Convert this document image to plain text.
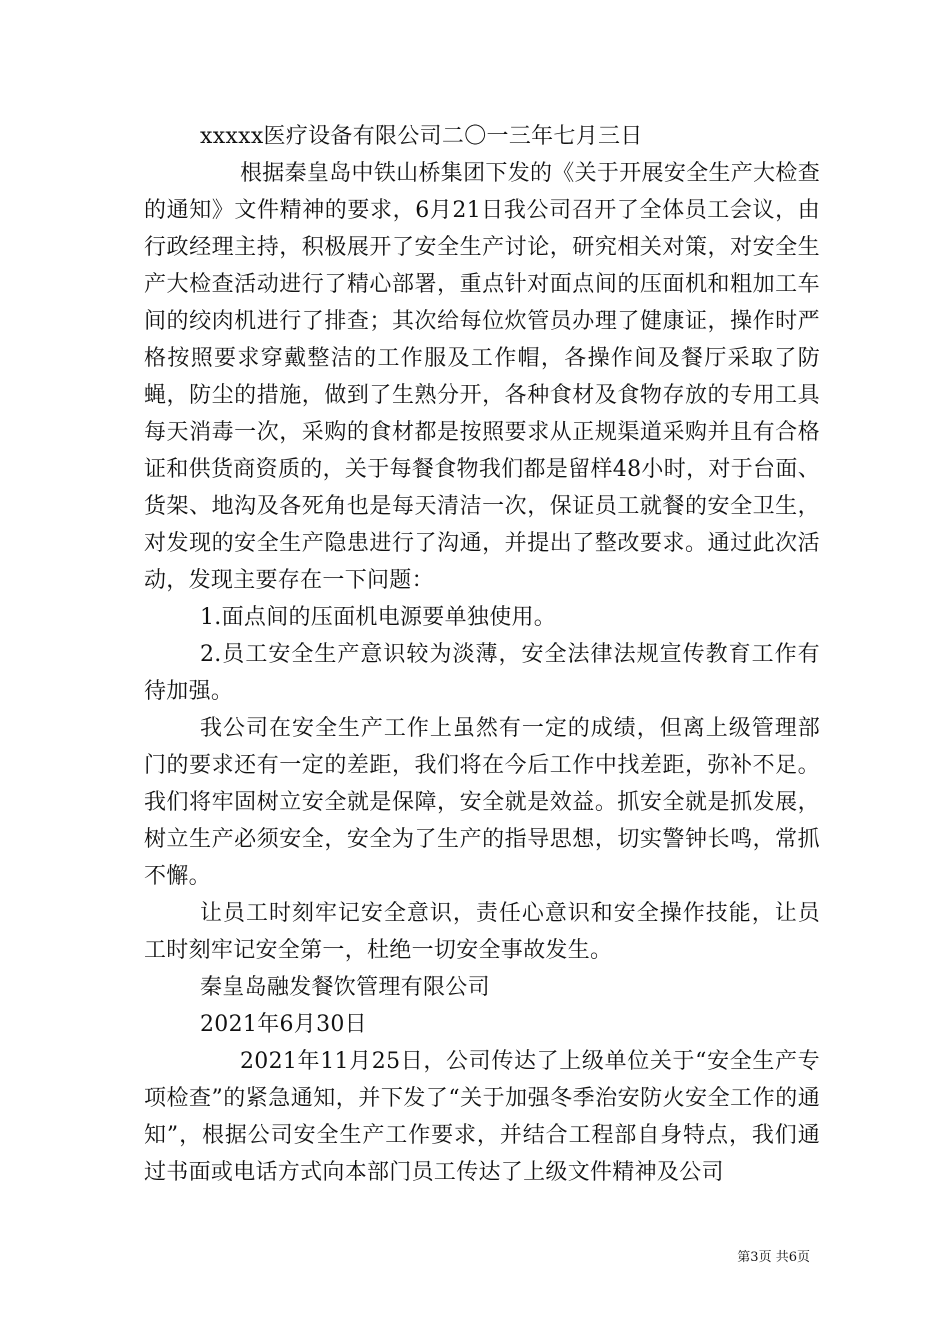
xxxxx医疗设备有限公司二〇一三年七月三日

根据秦皇岛中铁山桥集团下发的《关于开展安全生产大检查的通知》文件精神的要求，6月21日我公司召开了全体员工会议，由行政经理主持，积极展开了安全生产讨论，研究相关对策，对安全生产大检查活动进行了精心部署，重点针对面点间的压面机和粗加工车间的绞肉机进行了排查；其次给每位炊管员办理了健康证，操作时严格按照要求穿戴整洁的工作服及工作帽，各操作间及餐厅采取了防蝇，防尘的措施，做到了生熟分开，各种食材及食物存放的专用工具每天消毒一次，采购的食材都是按照要求从正规渠道采购并且有合格证和供货商资质的，关于每餐食物我们都是留样48小时，对于台面、货架、地沟及各死角也是每天清洁一次，保证员工就餐的安全卫生，对发现的安全生产隐患进行了沟通，并提出了整改要求。通过此次活动，发现主要存在一下问题：

1.面点间的压面机电源要单独使用。

2.员工安全生产意识较为淡薄，安全法律法规宣传教育工作有待加强。

我公司在安全生产工作上虽然有一定的成绩，但离上级管理部门的要求还有一定的差距，我们将在今后工作中找差距，弥补不足。我们将牢固树立安全就是保障，安全就是效益。抓安全就是抓发展，树立生产必须安全，安全为了生产的指导思想，切实警钟长鸣，常抓不懈。

让员工时刻牢记安全意识，责任心意识和安全操作技能，让员工时刻牢记安全第一，杜绝一切安全事故发生。

秦皇岛融发餐饮管理有限公司

2021年6月30日

2021年11月25日，公司传达了上级单位关于“安全生产专项检查”的紧急通知，并下发了“关于加强冬季治安防火安全工作的通知”，根据公司安全生产工作要求，并结合工程部自身特点，我们通过书面或电话方式向本部门员工传达了上级文件精神及公司

第3页 共6页
